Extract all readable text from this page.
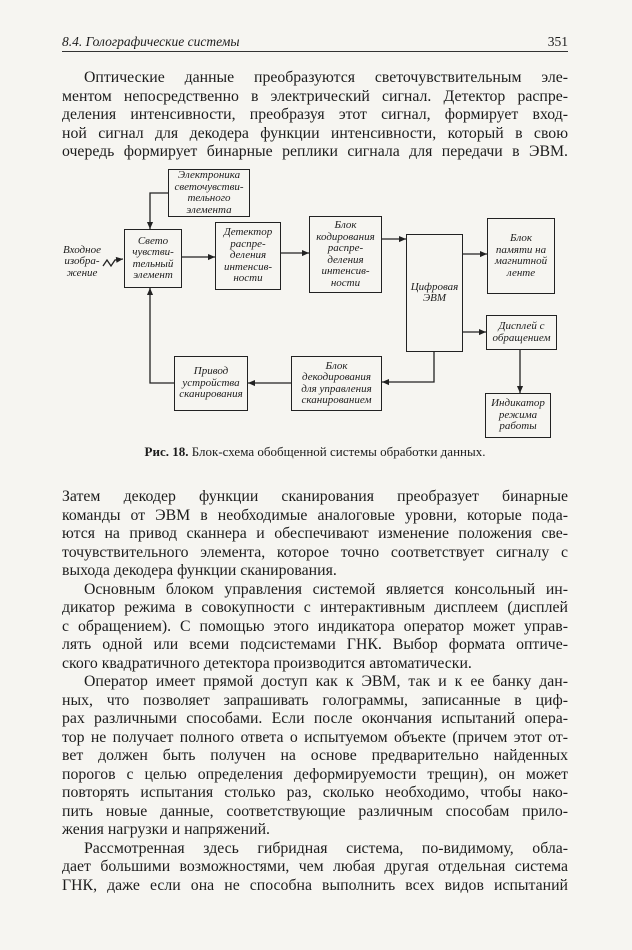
8.4. Голографические системы	351
Оптические данные преобразуются светочувствительным эле-
ментом непосредственно в электрический сигнал. Детектор распре-
деления интенсивности, преобразуя этот сигнал, формирует вход-
ной сигнал для декодера функции интенсивности, который в свою
очередь формирует бинарные реплики сигнала для передачи в ЭВМ.
Входное
изобра-
жение
Электроника
светочувстви-
тельного
элемента
Свето
чувстви-
тельный
элемент
Детектор
распре-
деления
интенсив-
ности
Блок
кодирования
распре-
деления
интенсив-
ности	Цифровая
ЭВМ
Блок
памяти на
магнитной
ленте
Дисплей с
обращением
Индикатор
режима
работы
Блок
декодирования
для управления
сканированием
Привод
устройства
сканирования
Рис. 18. Блок-схема обобщенной системы обработки данных.
Затем декодер функции сканирования преобразует бинарные
команды от ЭВМ в необходимые аналоговые уровни, которые пода-
ются на привод сканнера и обеспечивают изменение положения све-
точувствительного элемента, которое точно соответствует сигналу с
выхода декодера функции сканирования.
Основным блоком управления системой является консольный ин-
дикатор режима в совокупности с интерактивным дисплеем (дисплей
с обращением). С помощью этого индикатора оператор может управ-
лять одной или всеми подсистемами ГНК. Выбор формата оптиче-
ского квадратичного детектора производится автоматически.
Оператор имеет прямой доступ как к ЭВМ, так и к ее банку дан-
ных, что позволяет запрашивать голограммы, записанные в циф-
рах различными способами. Если после окончания испытаний опера-
тор не получает полного ответа о испытуемом объекте (причем этот от-
вет должен быть получен на основе предварительно найденных
порогов с целью определения деформируемости трещин), он может
повторять испытания столько раз, сколько необходимо, чтобы нако-
пить новые данные, соответствующие различным способам прило-
жения нагрузки и напряжений.
Рассмотренная здесь гибридная система, по-видимому, обла-
дает большими возможностями, чем любая другая отдельная система
ГНК, даже если она не способна выполнить всех видов испытаний
